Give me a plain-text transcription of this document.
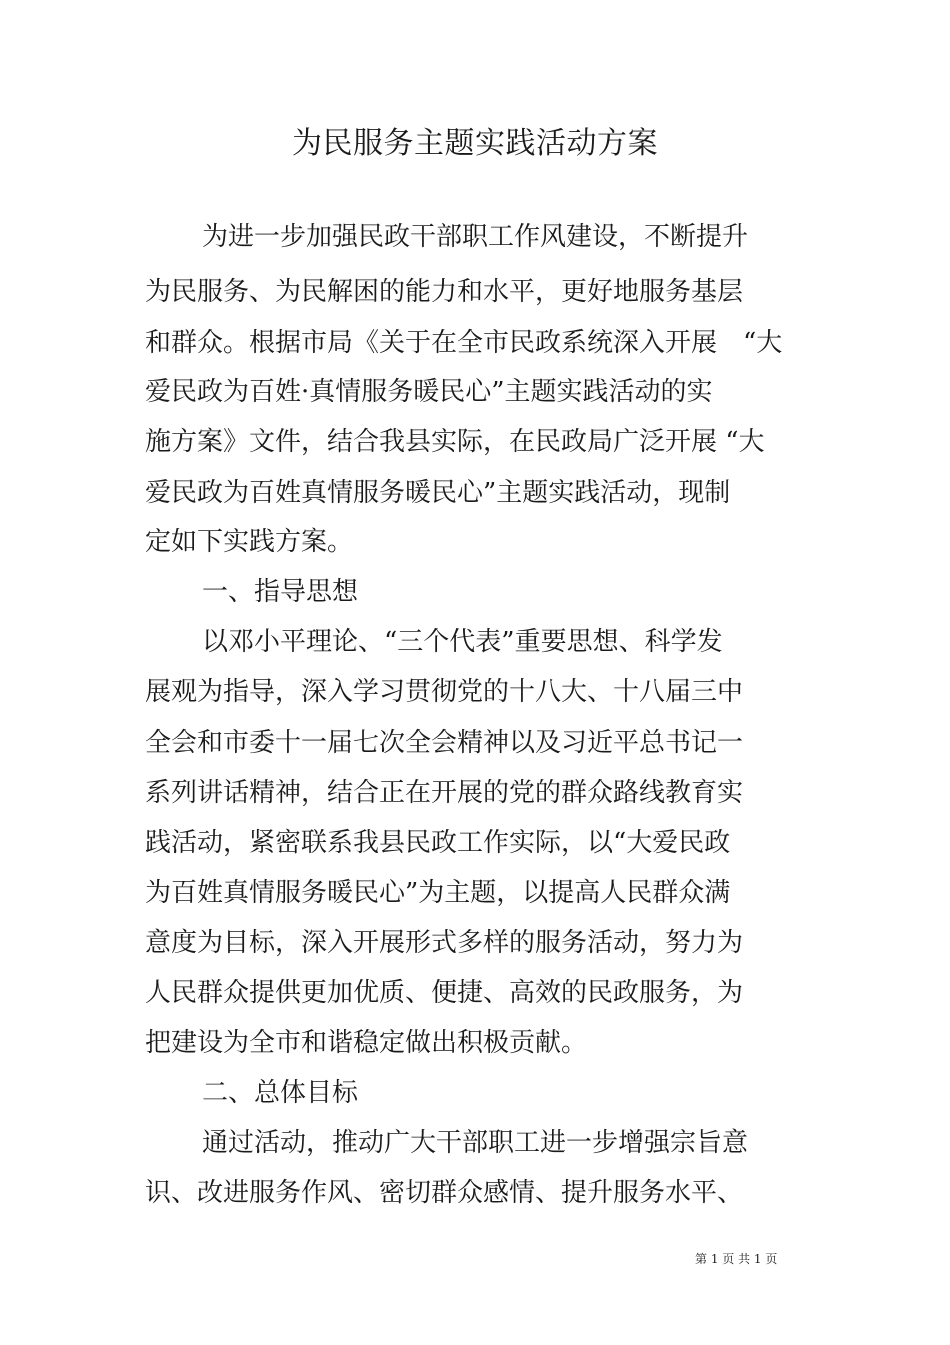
为民服务主题实践活动方案
为进一步加强民政干部职工作风建设，不断提升
为民服务、为民解困的能力和水平，更好地服务基层
和群众。根据市局《关于在全市民政系统深入开展　“大
爱民政为百姓·真情服务暖民心”主题实践活动的实
施方案》文件，结合我县实际，在民政局广泛开展 “大
爱民政为百姓真情服务暖民心”主题实践活动，现制
定如下实践方案。
一、指导思想
以邓小平理论、“三个代表”重要思想、科学发
展观为指导，深入学习贯彻党的十八大、十八届三中
全会和市委十一届七次全会精神以及习近平总书记一
系列讲话精神，结合正在开展的党的群众路线教育实
践活动，紧密联系我县民政工作实际，以“大爱民政
为百姓真情服务暖民心”为主题，以提高人民群众满
意度为目标，深入开展形式多样的服务活动，努力为
人民群众提供更加优质、便捷、高效的民政服务，为
把建设为全市和谐稳定做出积极贡献。
二、总体目标
通过活动，推动广大干部职工进一步增强宗旨意
识、改进服务作风、密切群众感情、提升服务水平、
第 1 页 共 1 页
